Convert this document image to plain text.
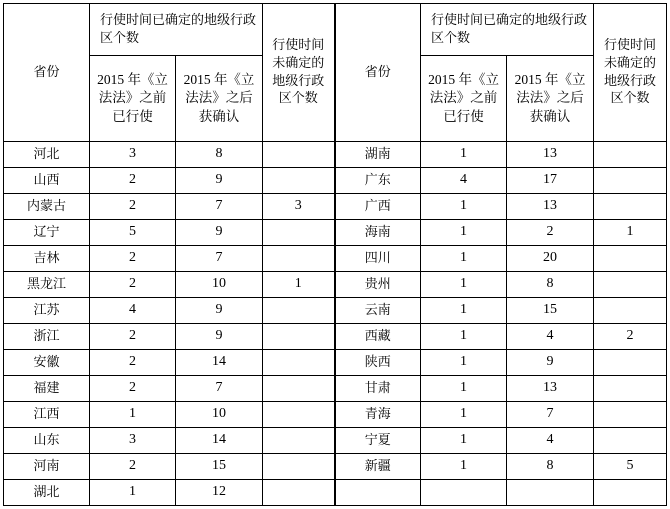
省份	行使时间已确定的地级行政区个数		行使时间未确定的地级行政区个数	省份	行使时间已确定的地级行政区个数		行使时间未确定的地级行政区个数
	2015 年《立法法》之前已行使	2015 年《立法法》之后获确认			2015 年《立法法》之前已行使	2015 年《立法法》之后获确认	
河北	3	8		湖南	1	13	
山西	2	9		广东	4	17	
内蒙古	2	7	3	广西	1	13	
辽宁	5	9		海南	1	2	1
吉林	2	7		四川	1	20	
黑龙江	2	10	1	贵州	1	8	
江苏	4	9		云南	1	15	
浙江	2	9		西藏	1	4	2
安徽	2	14		陕西	1	9	
福建	2	7		甘肃	1	13	
江西	1	10		青海	1	7	
山东	3	14		宁夏	1	4	
河南	2	15		新疆	1	8	5
湖北	1	12					
